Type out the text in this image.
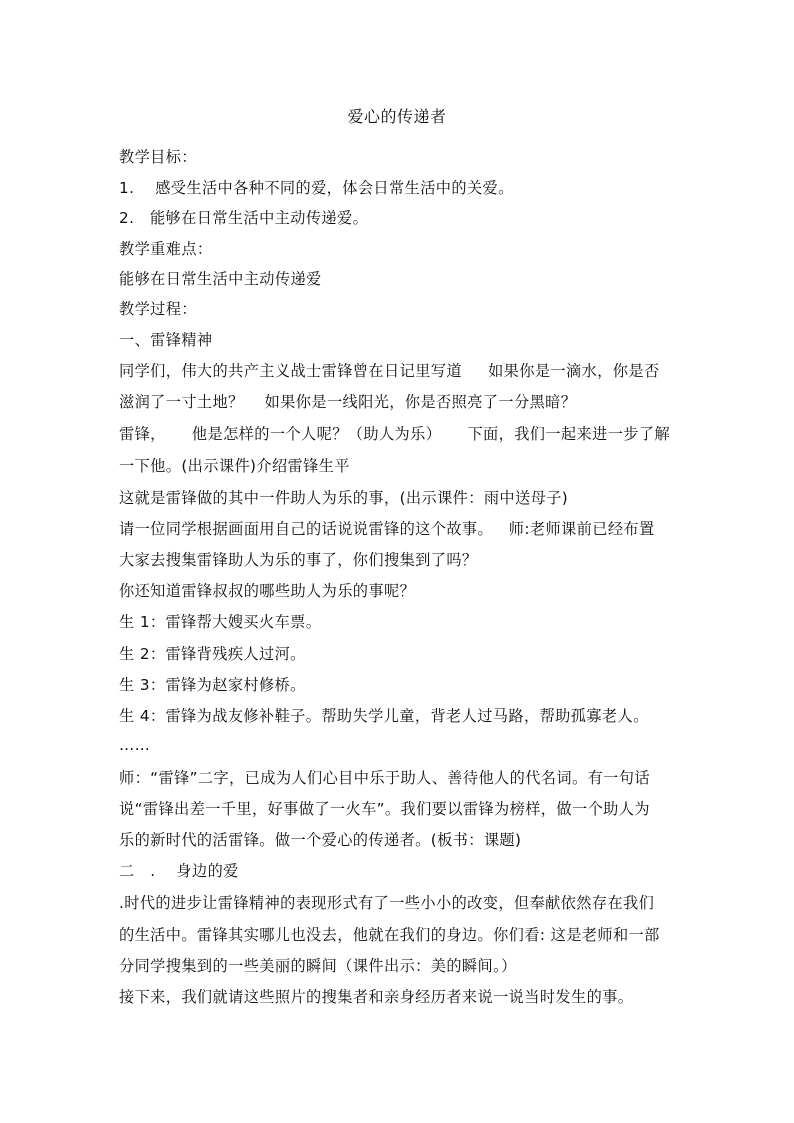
爱心的传递者
教学目标：
1.    感受生活中各种不同的爱，体会日常生活中的关爱。
2.   能够在日常生活中主动传递爱。
教学重难点：
能够在日常生活中主动传递爱
教学过程：
一、雷锋精神
同学们，伟大的共产主义战士雷锋曾在日记里写道     如果你是一滴水，你是否
滋润了一寸土地？    如果你是一线阳光，你是否照亮了一分黑暗？
雷锋，     他是怎样的一个人呢？（助人为乐）     下面，我们一起来进一步了解
一下他。(出示课件)介绍雷锋生平
这就是雷锋做的其中一件助人为乐的事，(出示课件：雨中送母子)
请一位同学根据画面用自己的话说说雷锋的这个故事。   师:老师课前已经布置
大家去搜集雷锋助人为乐的事了，你们搜集到了吗？
你还知道雷锋叔叔的哪些助人为乐的事呢？
生 1：雷锋帮大嫂买火车票。
生 2：雷锋背残疾人过河。
生 3：雷锋为赵家村修桥。
生 4：雷锋为战友修补鞋子。帮助失学儿童，背老人过马路，帮助孤寡老人。
……
师：“雷锋”二字，已成为人们心目中乐于助人、善待他人的代名词。有一句话
说“雷锋出差一千里，好事做了一火车”。我们要以雷锋为榜样，做一个助人为
乐的新时代的活雷锋。做一个爱心的传递者。(板书：课题)
二   .    身边的爱
.时代的进步让雷锋精神的表现形式有了一些小小的改变，但奉献依然存在我们
的生活中。雷锋其实哪儿也没去，他就在我们的身边。你们看: 这是老师和一部
分同学搜集到的一些美丽的瞬间（课件出示：美的瞬间。）
接下来，我们就请这些照片的搜集者和亲身经历者来说一说当时发生的事。
